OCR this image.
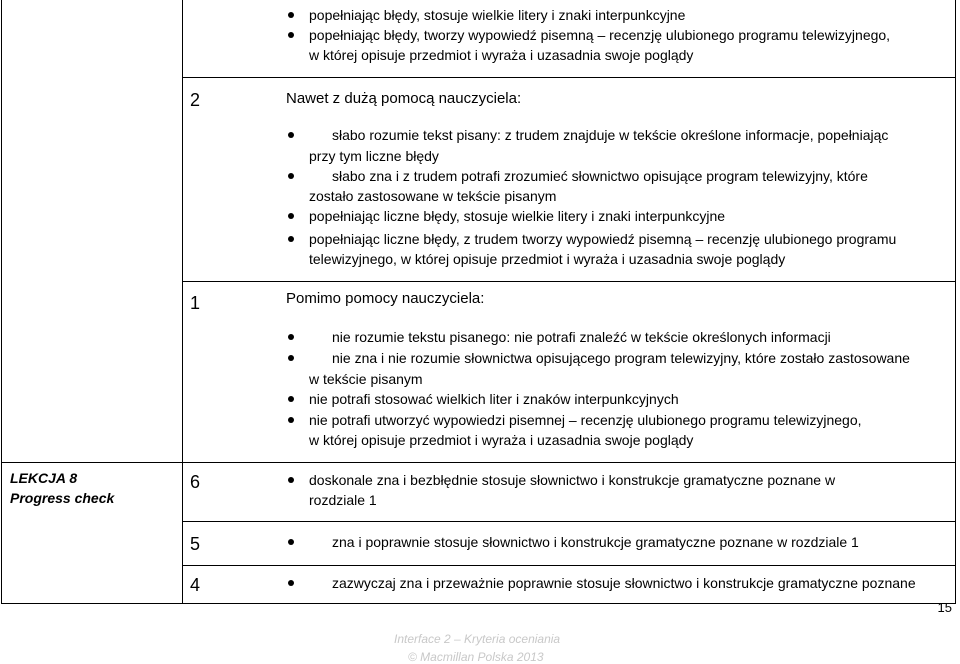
LEKCJA 8
Progress check
popełniając błędy, stosuje wielkie litery i znaki interpunkcyjne
popełniając błędy, tworzy wypowiedź pisemną – recenzję ulubionego programu telewizyjnego,
w której opisuje przedmiot i wyraża i uzasadnia swoje poglądy
2	Nawet z dużą pomocą nauczyciela:
słabo rozumie tekst pisany: z trudem znajduje w tekście określone informacje, popełniając
przy tym liczne błędy
słabo zna i z trudem potrafi zrozumieć słownictwo opisujące program telewizyjny, które
zostało zastosowane w tekście pisanym
popełniając liczne błędy, stosuje wielkie litery i znaki interpunkcyjne
popełniając liczne błędy, z trudem tworzy wypowiedź pisemną – recenzję ulubionego programu
telewizyjnego, w której opisuje przedmiot i wyraża i uzasadnia swoje poglądy
1	Pomimo pomocy nauczyciela:
nie rozumie tekstu pisanego: nie potrafi znaleźć w tekście określonych informacji
nie zna i nie rozumie słownictwa opisującego program telewizyjny, które zostało zastosowane
w tekście pisanym
nie potrafi stosować wielkich liter i znaków interpunkcyjnych
nie potrafi utworzyć wypowiedzi pisemnej – recenzję ulubionego programu telewizyjnego,
w której opisuje przedmiot i wyraża i uzasadnia swoje poglądy
6	doskonale zna i bezbłędnie stosuje słownictwo i konstrukcje gramatyczne poznane w
rozdziale 1
5	zna i poprawnie stosuje słownictwo i konstrukcje gramatyczne poznane w rozdziale 1
4	zazwyczaj zna i przeważnie poprawnie stosuje słownictwo i konstrukcje gramatyczne poznane
15
Interface 2 – Kryteria oceniania
© Macmillan Polska 2013
